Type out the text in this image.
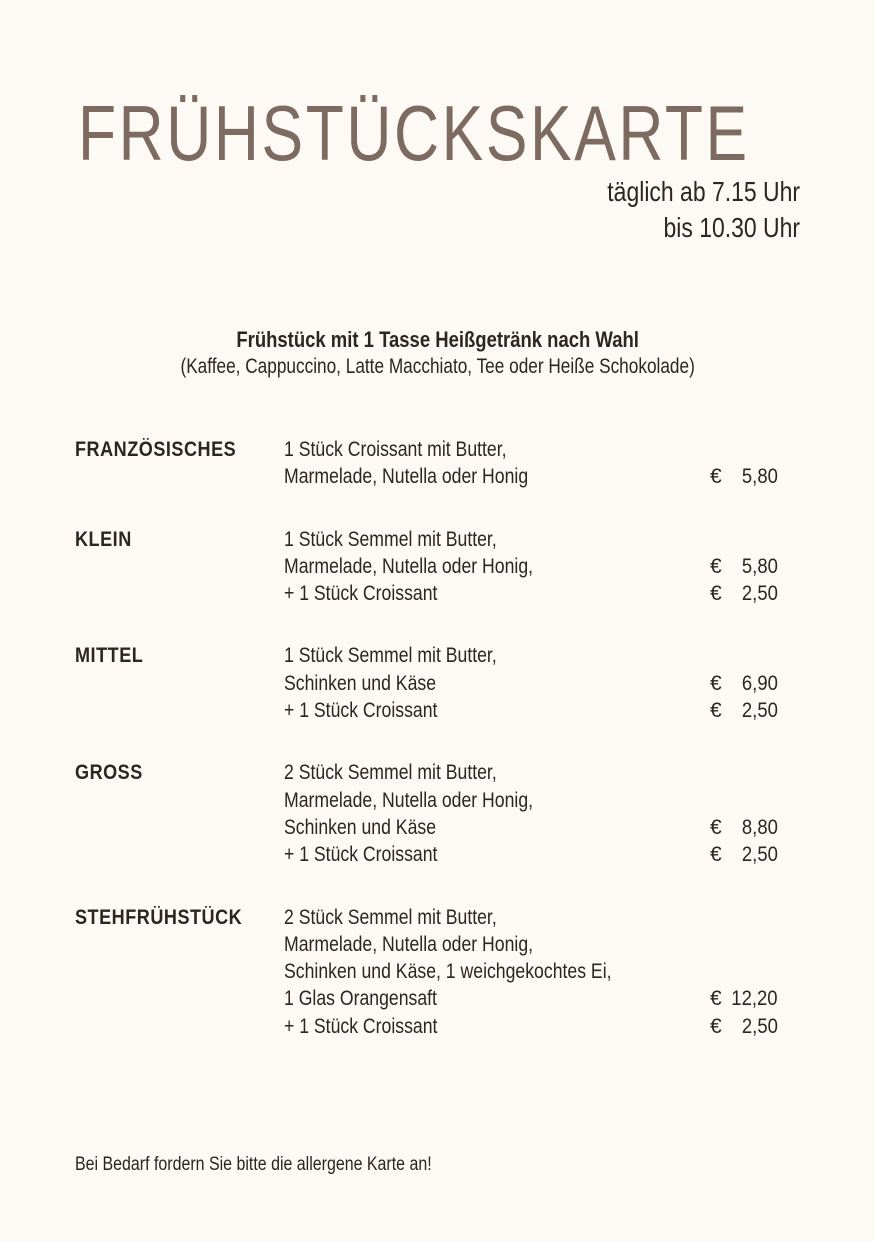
FRÜHSTÜCKSKARTE
täglich ab 7.15 Uhr
bis 10.30 Uhr
Frühstück mit 1 Tasse Heißgetränk nach Wahl
(Kaffee, Cappuccino, Latte Macchiato, Tee oder Heiße Schokolade)
FRANZÖSISCHES 1 Stück Croissant mit Butter,
Marmelade, Nutella oder Honig	€ 5,80
KLEIN	1 Stück Semmel mit Butter,
Marmelade, Nutella oder Honig,	€ 5,80
+ 1 Stück Croissant	€ 2,50
MITTEL	1 Stück Semmel mit Butter,
Schinken und Käse	€ 6,90
+ 1 Stück Croissant	€ 2,50
GROSS	2 Stück Semmel mit Butter,
Marmelade, Nutella oder Honig,
Schinken und Käse	€ 8,80
+ 1 Stück Croissant	€ 2,50
STEHFRÜHSTÜCK 2 Stück Semmel mit Butter,
Marmelade, Nutella oder Honig,
Schinken und Käse, 1 weichgekochtes Ei,
1 Glas Orangensaft	€ 12,20
+ 1 Stück Croissant	€ 2,50
Bei Bedarf fordern Sie bitte die allergene Karte an!
